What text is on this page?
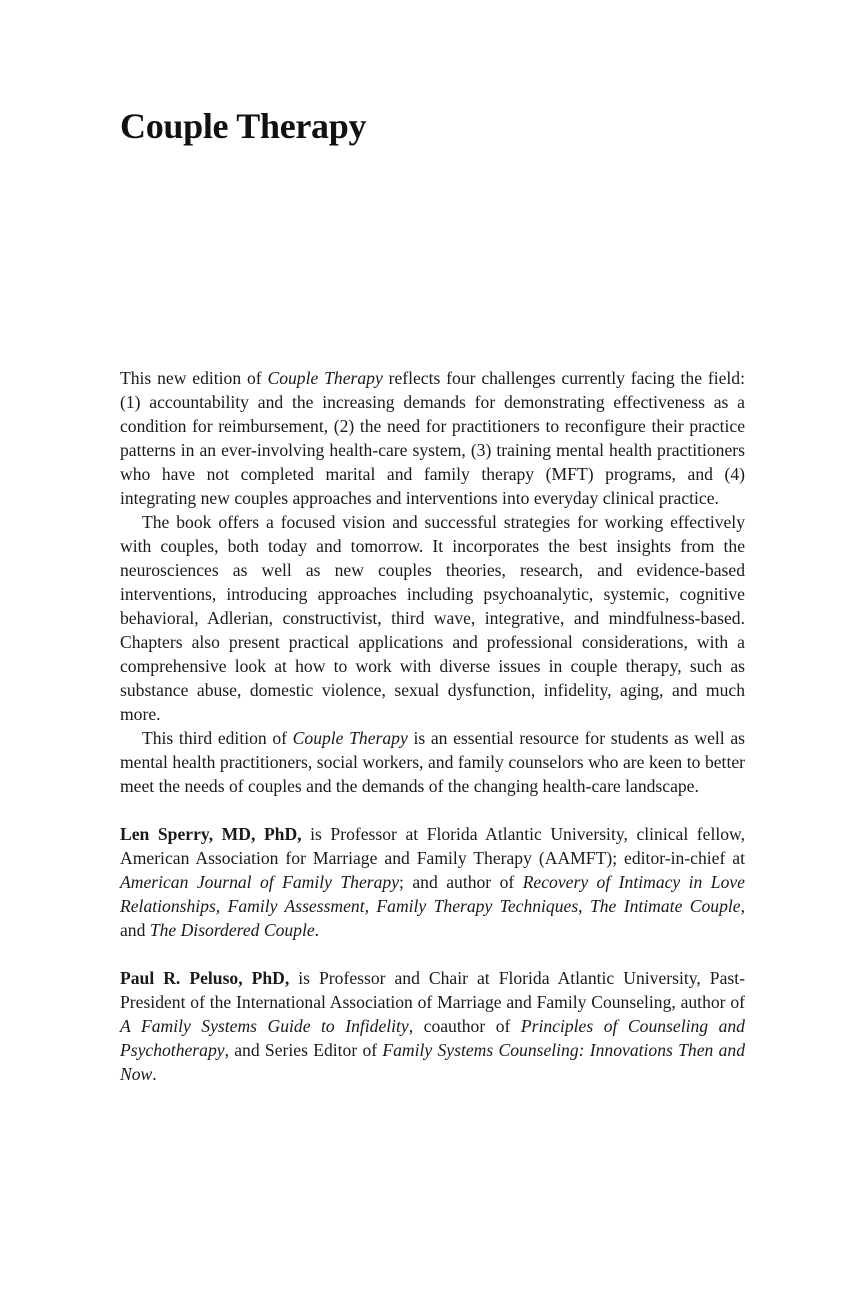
Couple Therapy

This new edition of Couple Therapy reflects four challenges currently facing the field: (1) accountability and the increasing demands for demonstrating effectiveness as a condition for reimbursement, (2) the need for practitioners to reconfigure their practice patterns in an ever-involving health-care system, (3) training mental health practitioners who have not completed marital and family therapy (MFT) programs, and (4) integrating new couples approaches and interventions into everyday clinical practice.

The book offers a focused vision and successful strategies for working effectively with couples, both today and tomorrow. It incorporates the best insights from the neurosciences as well as new couples theories, research, and evidence-based interventions, introducing approaches including psychoanalytic, systemic, cognitive behavioral, Adlerian, constructivist, third wave, integrative, and mindfulness-based. Chapters also present practical applications and professional considerations, with a comprehensive look at how to work with diverse issues in couple therapy, such as substance abuse, domestic violence, sexual dysfunction, infidelity, aging, and much more.

This third edition of Couple Therapy is an essential resource for students as well as mental health practitioners, social workers, and family counselors who are keen to better meet the needs of couples and the demands of the changing health-care landscape.

Len Sperry, MD, PhD, is Professor at Florida Atlantic University, clinical fellow, American Association for Marriage and Family Therapy (AAMFT); editor-in-chief at American Journal of Family Therapy; and author of Recovery of Intimacy in Love Relationships, Family Assessment, Family Therapy Techniques, The Intimate Couple, and The Disordered Couple.

Paul R. Peluso, PhD, is Professor and Chair at Florida Atlantic University, Past-President of the International Association of Marriage and Family Counseling, author of A Family Systems Guide to Infidelity, coauthor of Principles of Counseling and Psychotherapy, and Series Editor of Family Systems Counseling: Innovations Then and Now.
